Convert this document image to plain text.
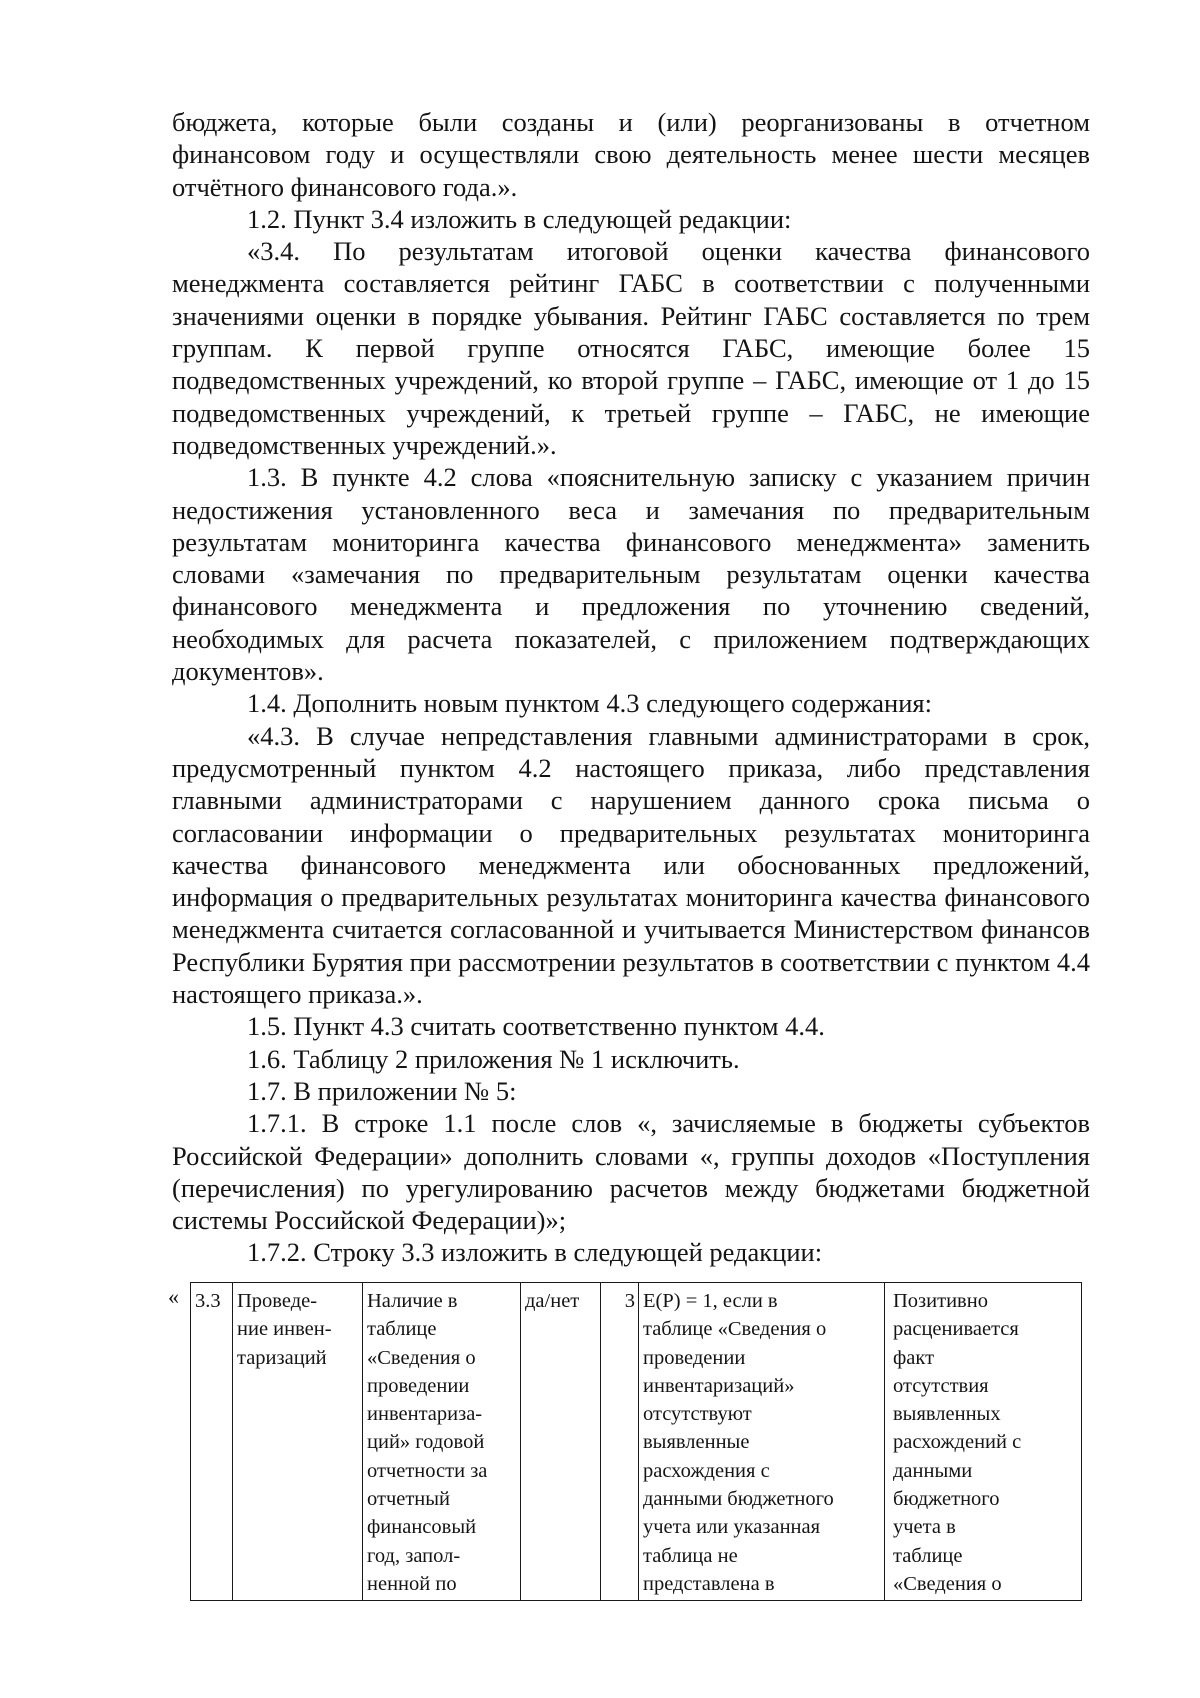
бюджета, которые были созданы и (или) реорганизованы в отчетном финансовом году и осуществляли свою деятельность менее шести месяцев отчётного финансового года.».

1.2. Пункт 3.4 изложить в следующей редакции:

«3.4. По результатам итоговой оценки качества финансового менеджмента составляется рейтинг ГАБС в соответствии с полученными значениями оценки в порядке убывания. Рейтинг ГАБС составляется по трем группам. К первой группе относятся ГАБС, имеющие более 15 подведомственных учреждений, ко второй группе – ГАБС, имеющие от 1 до 15 подведомственных учреждений, к третьей группе – ГАБС, не имеющие подведомственных учреждений.».

1.3. В пункте 4.2 слова «пояснительную записку с указанием причин недостижения установленного веса и замечания по предварительным результатам мониторинга качества финансового менеджмента» заменить словами «замечания по предварительным результатам оценки качества финансового менеджмента и предложения по уточнению сведений, необходимых для расчета показателей, с приложением подтверждающих документов».

1.4. Дополнить новым пунктом 4.3 следующего содержания:

«4.3. В случае непредставления главными администраторами в срок, предусмотренный пунктом 4.2 настоящего приказа, либо представления главными администраторами с нарушением данного срока письма о согласовании информации о предварительных результатах мониторинга качества финансового менеджмента или обоснованных предложений, информация о предварительных результатах мониторинга качества финансового менеджмента считается согласованной и учитывается Министерством финансов Республики Бурятия при рассмотрении результатов в соответствии с пунктом 4.4 настоящего приказа.».

1.5. Пункт 4.3 считать соответственно пунктом 4.4.

1.6. Таблицу 2 приложения № 1 исключить.

1.7. В приложении № 5:

1.7.1. В строке 1.1 после слов «, зачисляемые в бюджеты субъектов Российской Федерации» дополнить словами «, группы доходов «Поступления (перечисления) по урегулированию расчетов между бюджетами бюджетной системы Российской Федерации)»;

1.7.2. Строку 3.3 изложить в следующей редакции:

« 3.3	Проведе-
ние инвен-
таризаций	Наличие в
таблице
«Сведения о
проведении
инвентариза-
ций» годовой
отчетности за
отчетный
финансовый
год, запол-
ненной по	да/нет	3	E(P) = 1, если в
таблице «Сведения о
проведении
инвентаризаций»
отсутствуют
выявленные
расхождения с
данными бюджетного
учета или указанная
таблица не
представлена в	Позитивно
расценивается
факт
отсутствия
выявленных
расхождений с
данными
бюджетного
учета в
таблице
«Сведения о
